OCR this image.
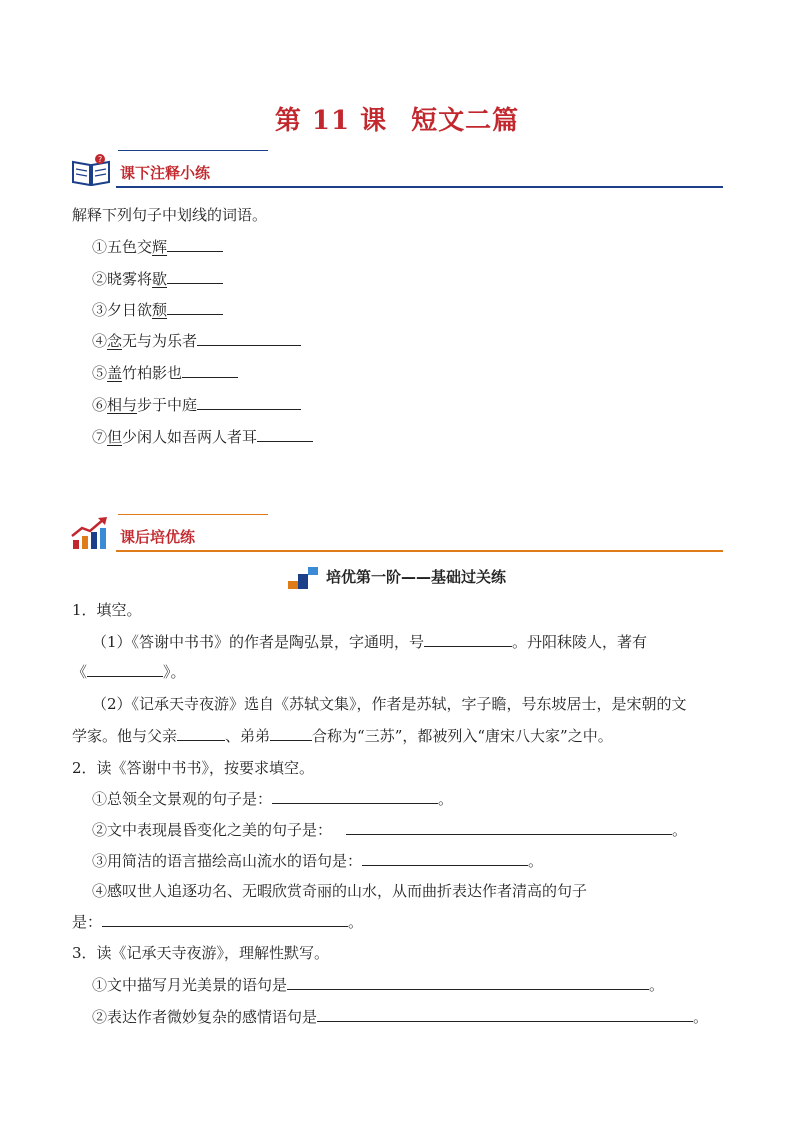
第 11 课 短文二篇
?
课下注释小练
解释下列句子中划线的词语。
①五色交辉
②晓雾将歇
③夕日欲颓
④念无与为乐者
⑤盖竹柏影也
⑥相与步于中庭
⑦但少闲人如吾两人者耳
课后培优练
培优第一阶——基础过关练
1．填空。
（1）《答谢中书书》的作者是陶弘景，字通明，号	。丹阳秣陵人，著有
《	》。
（2）《记承天寺夜游》选自《苏轼文集》，作者是苏轼，字子瞻，号东坡居士，是宋朝的文
学家。他与父亲	、弟弟	合称为“三苏”，都被列入“唐宋八大家”之中。
2．读《答谢中书书》，按要求填空。
①总领全文景观的句子是：	。
②文中表现晨昏变化之美的句子是：	。
③用简洁的语言描绘高山流水的语句是：	。
④感叹世人追逐功名、无暇欣赏奇丽的山水，从而曲折表达作者清高的句子
是：	。
3．读《记承天寺夜游》，理解性默写。
①文中描写月光美景的语句是	。
②表达作者微妙复杂的感情语句是	。
